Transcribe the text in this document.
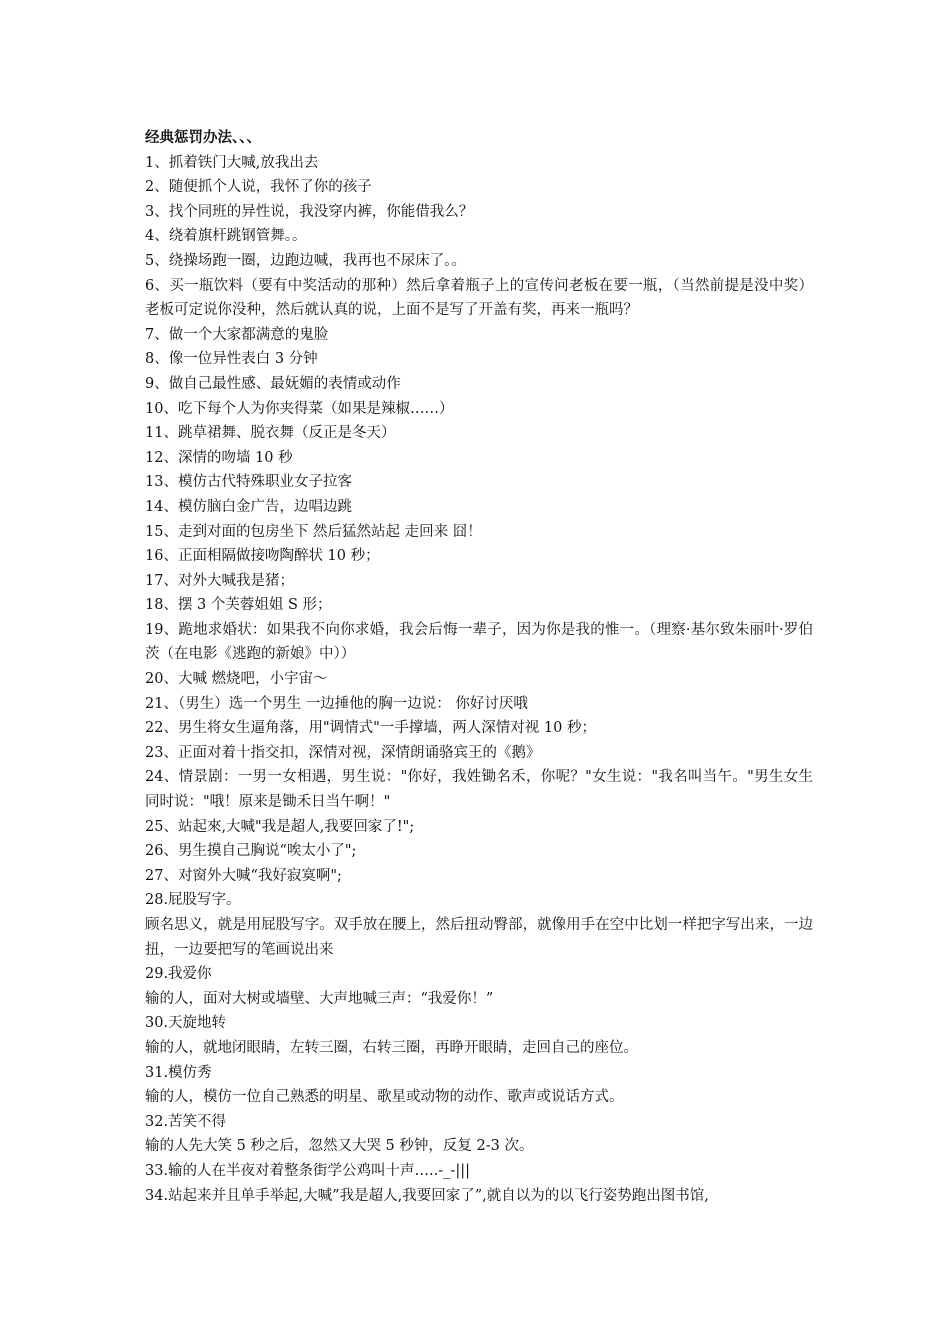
经典惩罚办法、、、

1、抓着铁门大喊,放我出去

2、随便抓个人说，我怀了你的孩子

3、找个同班的异性说，我没穿内裤，你能借我么？

4、绕着旗杆跳钢管舞。。

5、绕操场跑一圈，边跑边喊，我再也不尿床了。。

6、买一瓶饮料（要有中奖活动的那种）然后拿着瓶子上的宣传问老板在要一瓶，（当然前提是没中奖）老板可定说你没种，然后就认真的说，上面不是写了开盖有奖，再来一瓶吗？

7、做一个大家都满意的鬼脸

8、像一位异性表白 3 分钟

9、做自己最性感、最妩媚的表情或动作

10、吃下每个人为你夹得菜（如果是辣椒……）

11、跳草裙舞、脱衣舞（反正是冬天）

12、深情的吻墙 10 秒

13、模仿古代特殊职业女子拉客

14、模仿脑白金广告，边唱边跳

15、走到对面的包房坐下 然后猛然站起 走回来 囧！

16、正面相隔做接吻陶醉状 10 秒；

17、对外大喊我是猪；

18、摆 3 个芙蓉姐姐 S 形；

19、跪地求婚状：如果我不向你求婚，我会后悔一辈子，因为你是我的惟一。（理察·基尔致朱丽叶·罗伯茨（在电影《逃跑的新娘》中））

20、大喊 燃烧吧，小宇宙～

21、（男生）选一个男生 一边捶他的胸一边说： 你好讨厌哦

22、男生将女生逼角落，用"调情式"一手撑墙，两人深情对视 10 秒；

23、正面对着十指交扣，深情对视，深情朗诵骆宾王的《鹅》

24、情景剧：一男一女相遇，男生说："你好，我姓锄名禾，你呢？"女生说："我名叫当午。"男生女生同时说："哦！原来是锄禾日当午啊！"

25、站起來,大喊"我是超人,我要回家了!";

26、男生摸自己胸说“唉太小了";

27、对窗外大喊“我好寂寞啊";

28.屁股写字。

顾名思义，就是用屁股写字。双手放在腰上，然后扭动臀部，就像用手在空中比划一样把字写出来，一边扭，一边要把写的笔画说出来

29.我爱你

输的人，面对大树或墙壁、大声地喊三声：“我爱你！”

30.天旋地转

输的人，就地闭眼睛，左转三圈，右转三圈，再睁开眼睛，走回自己的座位。

31.模仿秀

输的人，模仿一位自己熟悉的明星、歌星或动物的动作、歌声或说话方式。

32.苦笑不得

输的人先大笑 5 秒之后，忽然又大哭 5 秒钟，反复 2-3 次。

33.输的人在半夜对着整条街学公鸡叫十声…..-_-|||

34.站起来并且单手举起,大喊”我是超人,我要回家了”,就自以为的以飞行姿势跑出图书馆,
